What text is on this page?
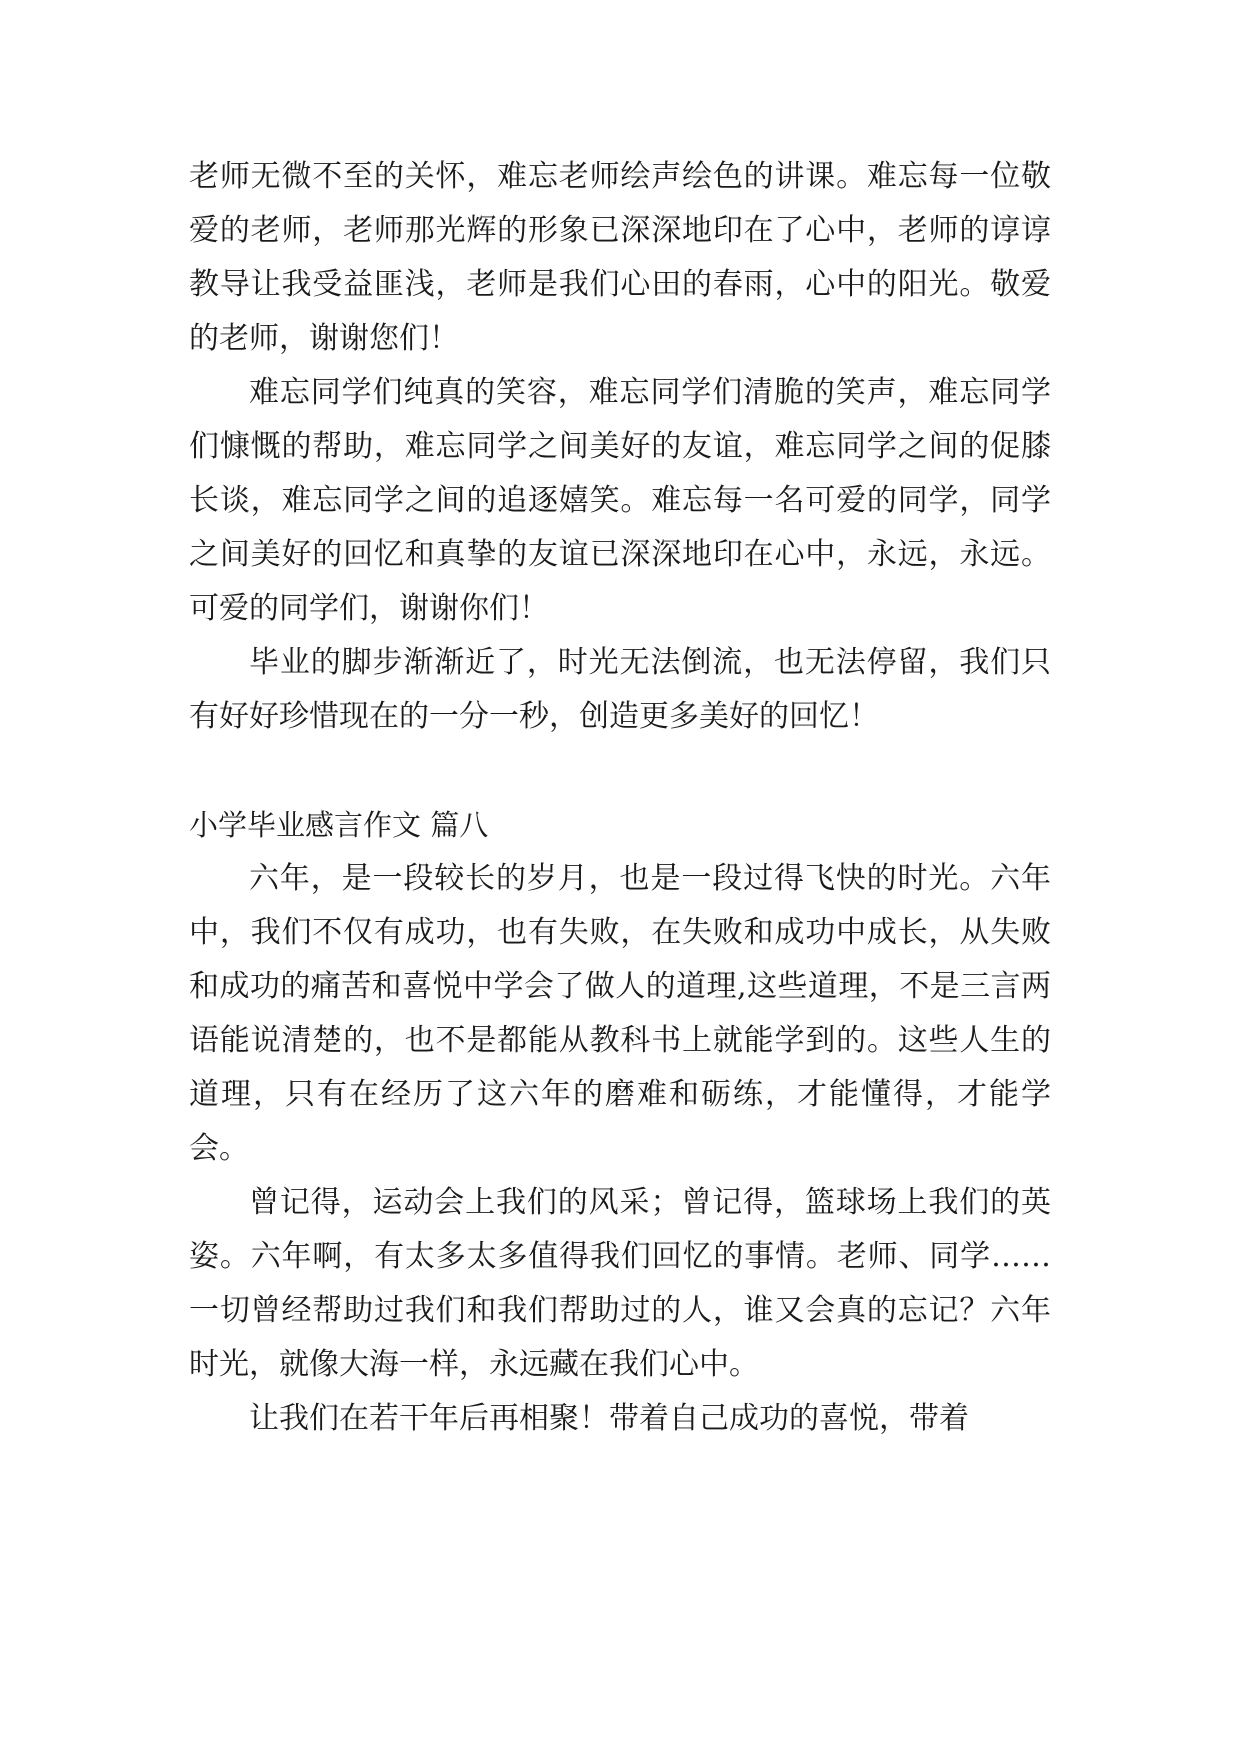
老师无微不至的关怀，难忘老师绘声绘色的讲课。难忘每一位敬爱的老师，老师那光辉的形象已深深地印在了心中，老师的谆谆教导让我受益匪浅，老师是我们心田的春雨，心中的阳光。敬爱的老师，谢谢您们！

难忘同学们纯真的笑容，难忘同学们清脆的笑声，难忘同学们慷慨的帮助，难忘同学之间美好的友谊，难忘同学之间的促膝长谈，难忘同学之间的追逐嬉笑。难忘每一名可爱的同学，同学之间美好的回忆和真挚的友谊已深深地印在心中，永远，永远。可爱的同学们，谢谢你们！

毕业的脚步渐渐近了，时光无法倒流，也无法停留，我们只有好好珍惜现在的一分一秒，创造更多美好的回忆！

小学毕业感言作文 篇八

六年，是一段较长的岁月，也是一段过得飞快的时光。六年中，我们不仅有成功，也有失败，在失败和成功中成长，从失败和成功的痛苦和喜悦中学会了做人的道理,这些道理，不是三言两语能说清楚的，也不是都能从教科书上就能学到的。这些人生的道理，只有在经历了这六年的磨难和砺练，才能懂得，才能学会。

曾记得，运动会上我们的风采；曾记得，篮球场上我们的英姿。六年啊，有太多太多值得我们回忆的事情。老师、同学……一切曾经帮助过我们和我们帮助过的人，谁又会真的忘记？六年时光，就像大海一样，永远藏在我们心中。

让我们在若干年后再相聚！带着自己成功的喜悦，带着
